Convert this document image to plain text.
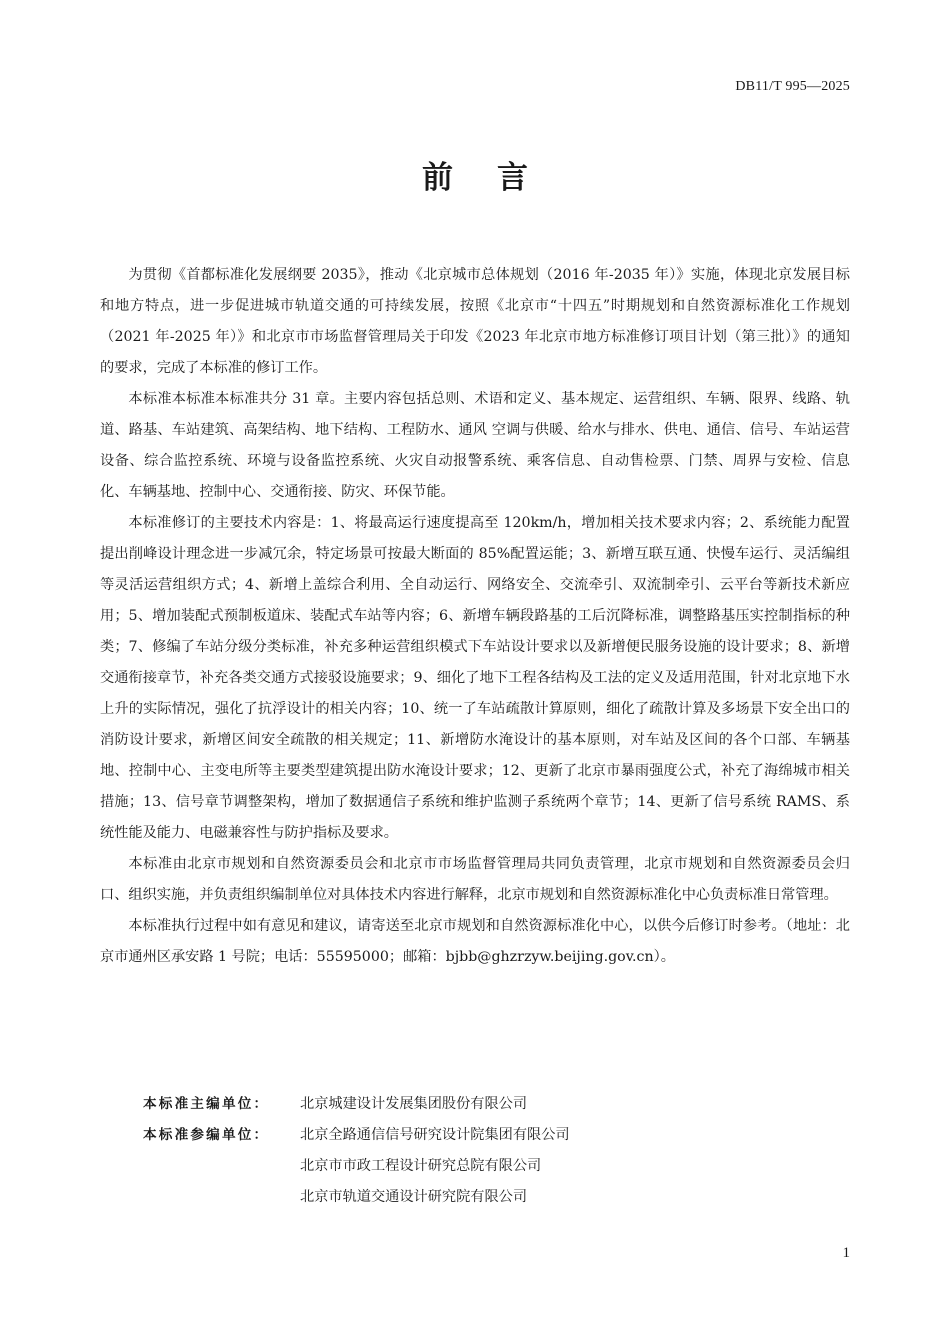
DB11/T 995—2025
前言

为贯彻《首都标准化发展纲要 2035》，推动《北京城市总体规划（2016 年-2035 年）》实施，体现北京发展目标和地方特点，进一步促进城市轨道交通的可持续发展，按照《北京市“十四五”时期规划和自然资源标准化工作规划（2021 年-2025 年）》和北京市市场监督管理局关于印发《2023 年北京市地方标准修订项目计划（第三批）》的通知的要求，完成了本标准的修订工作。

本标准本标准本标准共分 31 章。主要内容包括总则、术语和定义、基本规定、运营组织、车辆、限界、线路、轨道、路基、车站建筑、高架结构、地下结构、工程防水、通风 空调与供暖、给水与排水、供电、通信、信号、车站运营设备、综合监控系统、环境与设备监控系统、火灾自动报警系统、乘客信息、自动售检票、门禁、周界与安检、信息化、车辆基地、控制中心、交通衔接、防灾、环保节能。

本标准修订的主要技术内容是：1、将最高运行速度提高至 120km/h，增加相关技术要求内容；2、系统能力配置提出削峰设计理念进一步减冗余，特定场景可按最大断面的 85%配置运能；3、新增互联互通、快慢车运行、灵活编组等灵活运营组织方式；4、新增上盖综合利用、全自动运行、网络安全、交流牵引、双流制牵引、云平台等新技术新应用；5、增加装配式预制板道床、装配式车站等内容；6、新增车辆段路基的工后沉降标准，调整路基压实控制指标的种类；7、修编了车站分级分类标准，补充多种运营组织模式下车站设计要求以及新增便民服务设施的设计要求；8、新增交通衔接章节，补充各类交通方式接驳设施要求；9、细化了地下工程各结构及工法的定义及适用范围，针对北京地下水上升的实际情况，强化了抗浮设计的相关内容；10、统一了车站疏散计算原则，细化了疏散计算及多场景下安全出口的消防设计要求，新增区间安全疏散的相关规定；11、新增防水淹设计的基本原则，对车站及区间的各个口部、车辆基地、控制中心、主变电所等主要类型建筑提出防水淹设计要求；12、更新了北京市暴雨强度公式，补充了海绵城市相关措施；13、信号章节调整架构，增加了数据通信子系统和维护监测子系统两个章节；14、更新了信号系统 RAMS、系统性能及能力、电磁兼容性与防护指标及要求。

本标准由北京市规划和自然资源委员会和北京市市场监督管理局共同负责管理，北京市规划和自然资源委员会归口、组织实施，并负责组织编制单位对具体技术内容进行解释，北京市规划和自然资源标准化中心负责标准日常管理。

本标准执行过程中如有意见和建议，请寄送至北京市规划和自然资源标准化中心，以供今后修订时参考。（地址：北京市通州区承安路 1 号院；电话：55595000；邮箱：bjbb@ghzrzyw.beijing.gov.cn）。

本标准主编单位：	北京城建设计发展集团股份有限公司
本标准参编单位：	北京全路通信信号研究设计院集团有限公司
北京市市政工程设计研究总院有限公司
北京市轨道交通设计研究院有限公司
1
